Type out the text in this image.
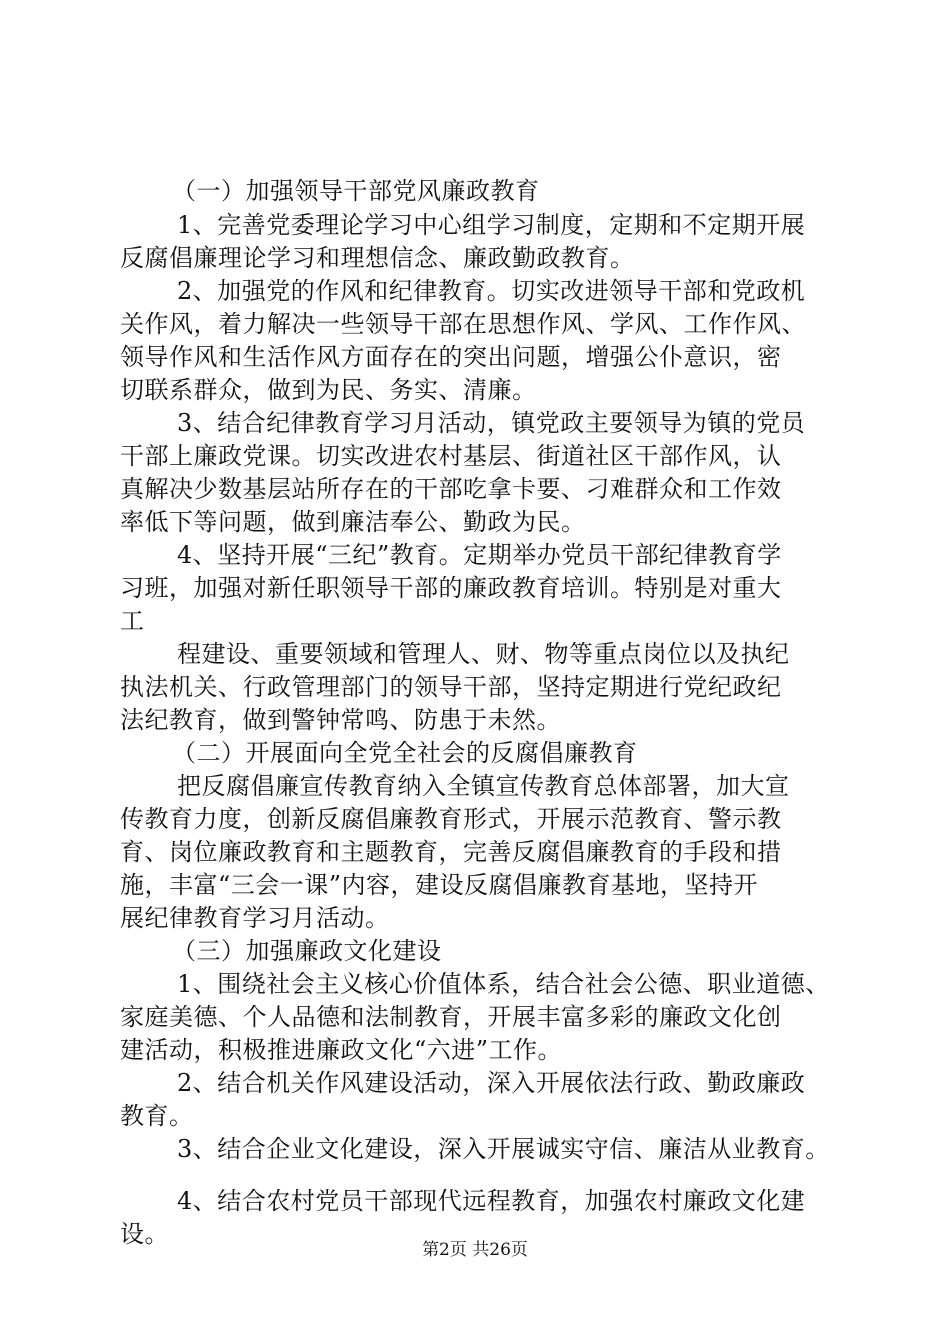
（一）加强领导干部党风廉政教育
1、完善党委理论学习中心组学习制度，定期和不定期开展
反腐倡廉理论学习和理想信念、廉政勤政教育。
2、加强党的作风和纪律教育。切实改进领导干部和党政机
关作风，着力解决一些领导干部在思想作风、学风、工作作风、
领导作风和生活作风方面存在的突出问题，增强公仆意识，密
切联系群众，做到为民、务实、清廉。
3、结合纪律教育学习月活动，镇党政主要领导为镇的党员
干部上廉政党课。切实改进农村基层、街道社区干部作风，认
真解决少数基层站所存在的干部吃拿卡要、刁难群众和工作效
率低下等问题，做到廉洁奉公、勤政为民。
4、坚持开展“三纪”教育。定期举办党员干部纪律教育学
习班，加强对新任职领导干部的廉政教育培训。特别是对重大
工
程建设、重要领域和管理人、财、物等重点岗位以及执纪
执法机关、行政管理部门的领导干部，坚持定期进行党纪政纪
法纪教育，做到警钟常鸣、防患于未然。
（二）开展面向全党全社会的反腐倡廉教育
把反腐倡廉宣传教育纳入全镇宣传教育总体部署，加大宣
传教育力度，创新反腐倡廉教育形式，开展示范教育、警示教
育、岗位廉政教育和主题教育，完善反腐倡廉教育的手段和措
施，丰富“三会一课”内容，建设反腐倡廉教育基地，坚持开
展纪律教育学习月活动。
（三）加强廉政文化建设
1、围绕社会主义核心价值体系，结合社会公德、职业道德、
家庭美德、个人品德和法制教育，开展丰富多彩的廉政文化创
建活动，积极推进廉政文化“六进”工作。
2、结合机关作风建设活动，深入开展依法行政、勤政廉政
教育。
3、结合企业文化建设，深入开展诚实守信、廉洁从业教育。
4、结合农村党员干部现代远程教育，加强农村廉政文化建
设。
第2页 共26页
